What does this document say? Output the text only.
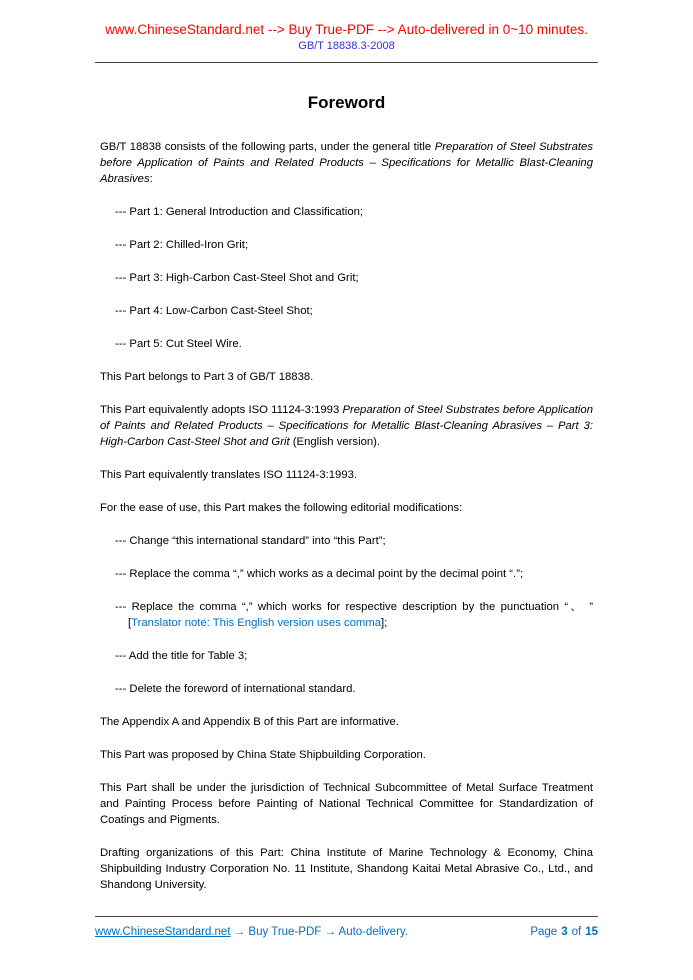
www.ChineseStandard.net --> Buy True-PDF --> Auto-delivered in 0~10 minutes.
GB/T 18838.3-2008
Foreword

GB/T 18838 consists of the following parts, under the general title Preparation of Steel Substrates before Application of Paints and Related Products – Specifications for Metallic Blast-Cleaning Abrasives:

--- Part 1: General Introduction and Classification;

--- Part 2: Chilled-Iron Grit;

--- Part 3: High-Carbon Cast-Steel Shot and Grit;

--- Part 4: Low-Carbon Cast-Steel Shot;

--- Part 5: Cut Steel Wire.

This Part belongs to Part 3 of GB/T 18838.

This Part equivalently adopts ISO 11124-3:1993 Preparation of Steel Substrates before Application of Paints and Related Products – Specifications for Metallic Blast-Cleaning Abrasives – Part 3: High-Carbon Cast-Steel Shot and Grit (English version).

This Part equivalently translates ISO 11124-3:1993.

For the ease of use, this Part makes the following editorial modifications:

--- Change “this international standard” into “this Part”;

--- Replace the comma “,” which works as a decimal point by the decimal point “.”;

--- Replace the comma “,” which works for respective description by the punctuation “、 ” [Translator note: This English version uses comma];

--- Add the title for Table 3;

--- Delete the foreword of international standard.

The Appendix A and Appendix B of this Part are informative.

This Part was proposed by China State Shipbuilding Corporation.

This Part shall be under the jurisdiction of Technical Subcommittee of Metal Surface Treatment and Painting Process before Painting of National Technical Committee for Standardization of Coatings and Pigments.

Drafting organizations of this Part: China Institute of Marine Technology & Economy, China Shipbuilding Industry Corporation No. 11 Institute, Shandong Kaitai Metal Abrasive Co., Ltd., and Shandong University.

www.ChineseStandard.net → Buy True-PDF → Auto-delivery.	Page 3 of 15
